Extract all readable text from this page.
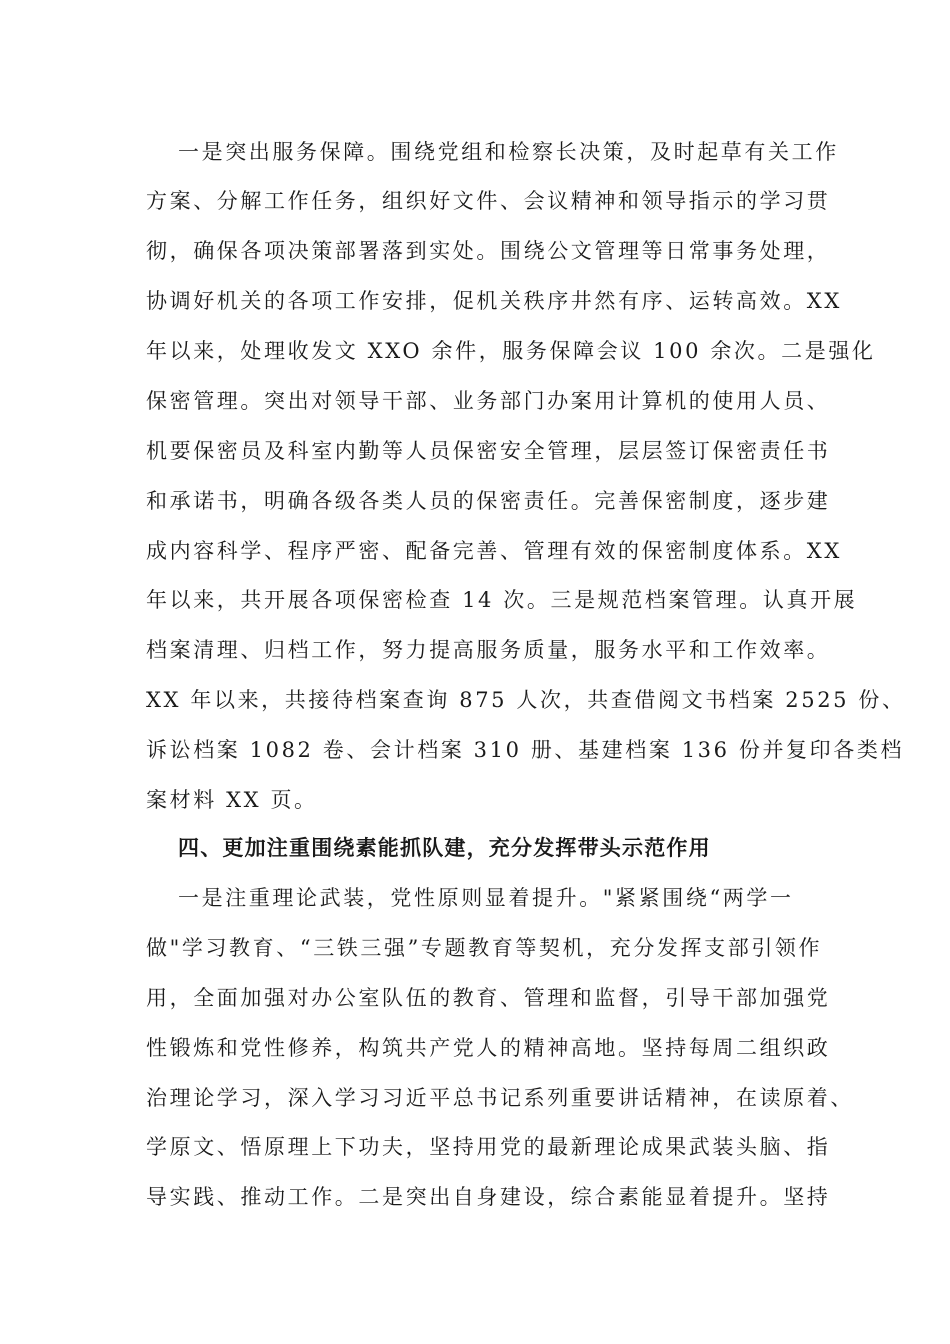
一是突出服务保障。围绕党组和检察长决策，及时起草有关工作
方案、分解工作任务，组织好文件、会议精神和领导指示的学习贯
彻，确保各项决策部署落到实处。围绕公文管理等日常事务处理，
协调好机关的各项工作安排，促机关秩序井然有序、运转高效。XX
年以来，处理收发文 XXO 余件，服务保障会议 100 余次。二是强化
保密管理。突出对领导干部、业务部门办案用计算机的使用人员、
机要保密员及科室内勤等人员保密安全管理，层层签订保密责任书
和承诺书，明确各级各类人员的保密责任。完善保密制度，逐步建
成内容科学、程序严密、配备完善、管理有效的保密制度体系。XX
年以来，共开展各项保密检查 14 次。三是规范档案管理。认真开展
档案清理、归档工作，努力提高服务质量，服务水平和工作效率。
XX 年以来，共接待档案查询 875 人次，共查借阅文书档案 2525 份、
诉讼档案 1082 卷、会计档案 310 册、基建档案 136 份并复印各类档
案材料 XX 页。
四、更加注重围绕素能抓队建，充分发挥带头示范作用
一是注重理论武装，党性原则显着提升。"紧紧围绕“两学一
做"学习教育、“三铁三强”专题教育等契机，充分发挥支部引领作
用，全面加强对办公室队伍的教育、管理和监督，引导干部加强党
性锻炼和党性修养，构筑共产党人的精神高地。坚持每周二组织政
治理论学习，深入学习习近平总书记系列重要讲话精神，在读原着、
学原文、悟原理上下功夫，坚持用党的最新理论成果武装头脑、指
导实践、推动工作。二是突出自身建设，综合素能显着提升。坚持
